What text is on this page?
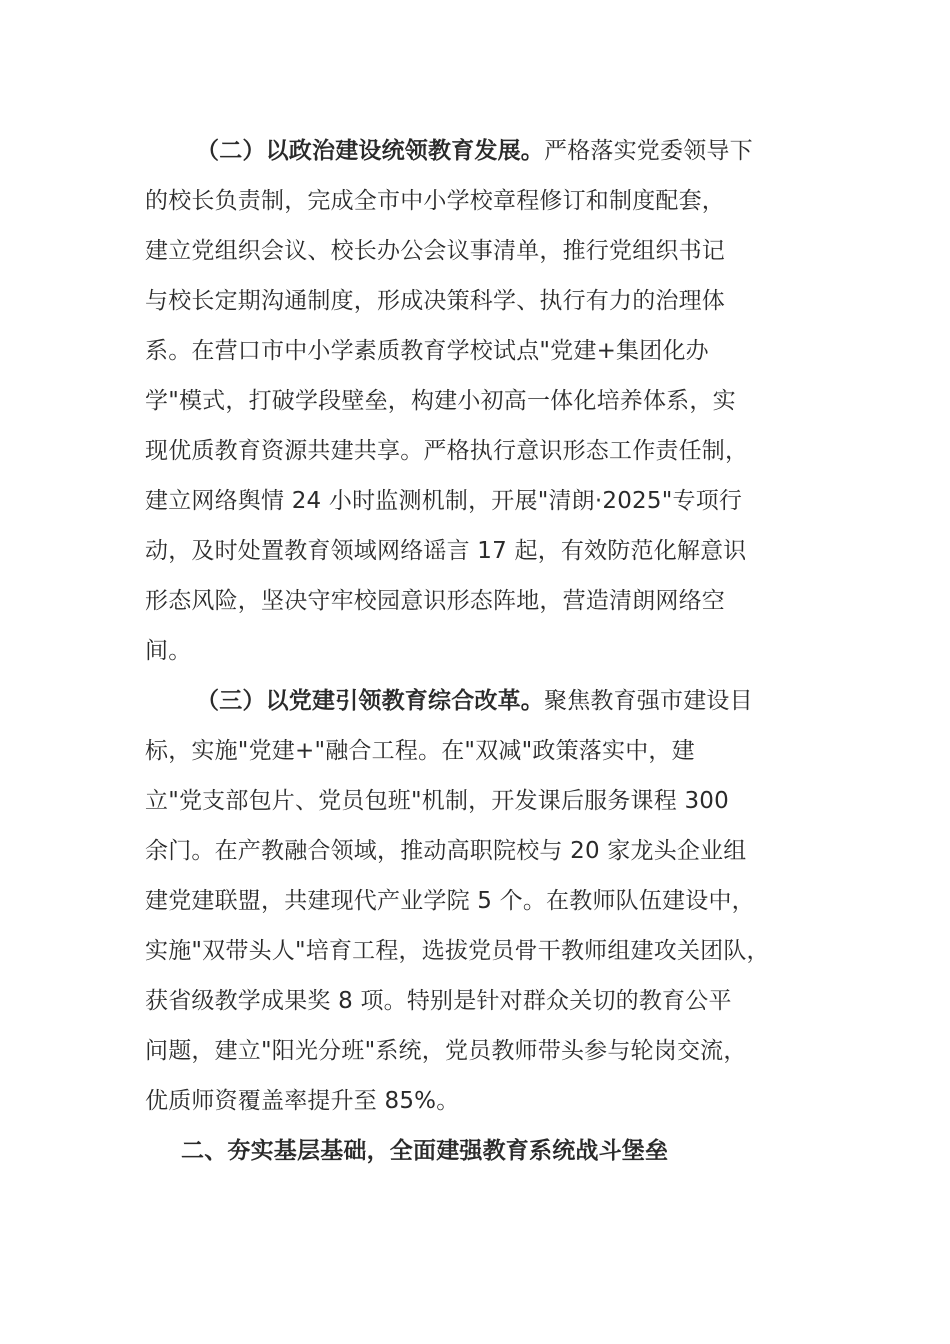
（二）以政治建设统领教育发展。严格落实党委领导下
的校长负责制，完成全市中小学校章程修订和制度配套，
建立党组织会议、校长办公会议事清单，推行党组织书记
与校长定期沟通制度，形成决策科学、执行有力的治理体
系。在营口市中小学素质教育学校试点"党建+集团化办
学"模式，打破学段壁垒，构建小初高一体化培养体系，实
现优质教育资源共建共享。严格执行意识形态工作责任制，
建立网络舆情 24 小时监测机制，开展"清朗·2025"专项行
动，及时处置教育领域网络谣言 17 起，有效防范化解意识
形态风险，坚决守牢校园意识形态阵地，营造清朗网络空
间。
（三）以党建引领教育综合改革。聚焦教育强市建设目
标，实施"党建+"融合工程。在"双减"政策落实中，建
立"党支部包片、党员包班"机制，开发课后服务课程 300
余门。在产教融合领域，推动高职院校与 20 家龙头企业组
建党建联盟，共建现代产业学院 5 个。在教师队伍建设中，
实施"双带头人"培育工程，选拔党员骨干教师组建攻关团队，
获省级教学成果奖 8 项。特别是针对群众关切的教育公平
问题，建立"阳光分班"系统，党员教师带头参与轮岗交流，
优质师资覆盖率提升至 85%。
二、夯实基层基础，全面建强教育系统战斗堡垒
